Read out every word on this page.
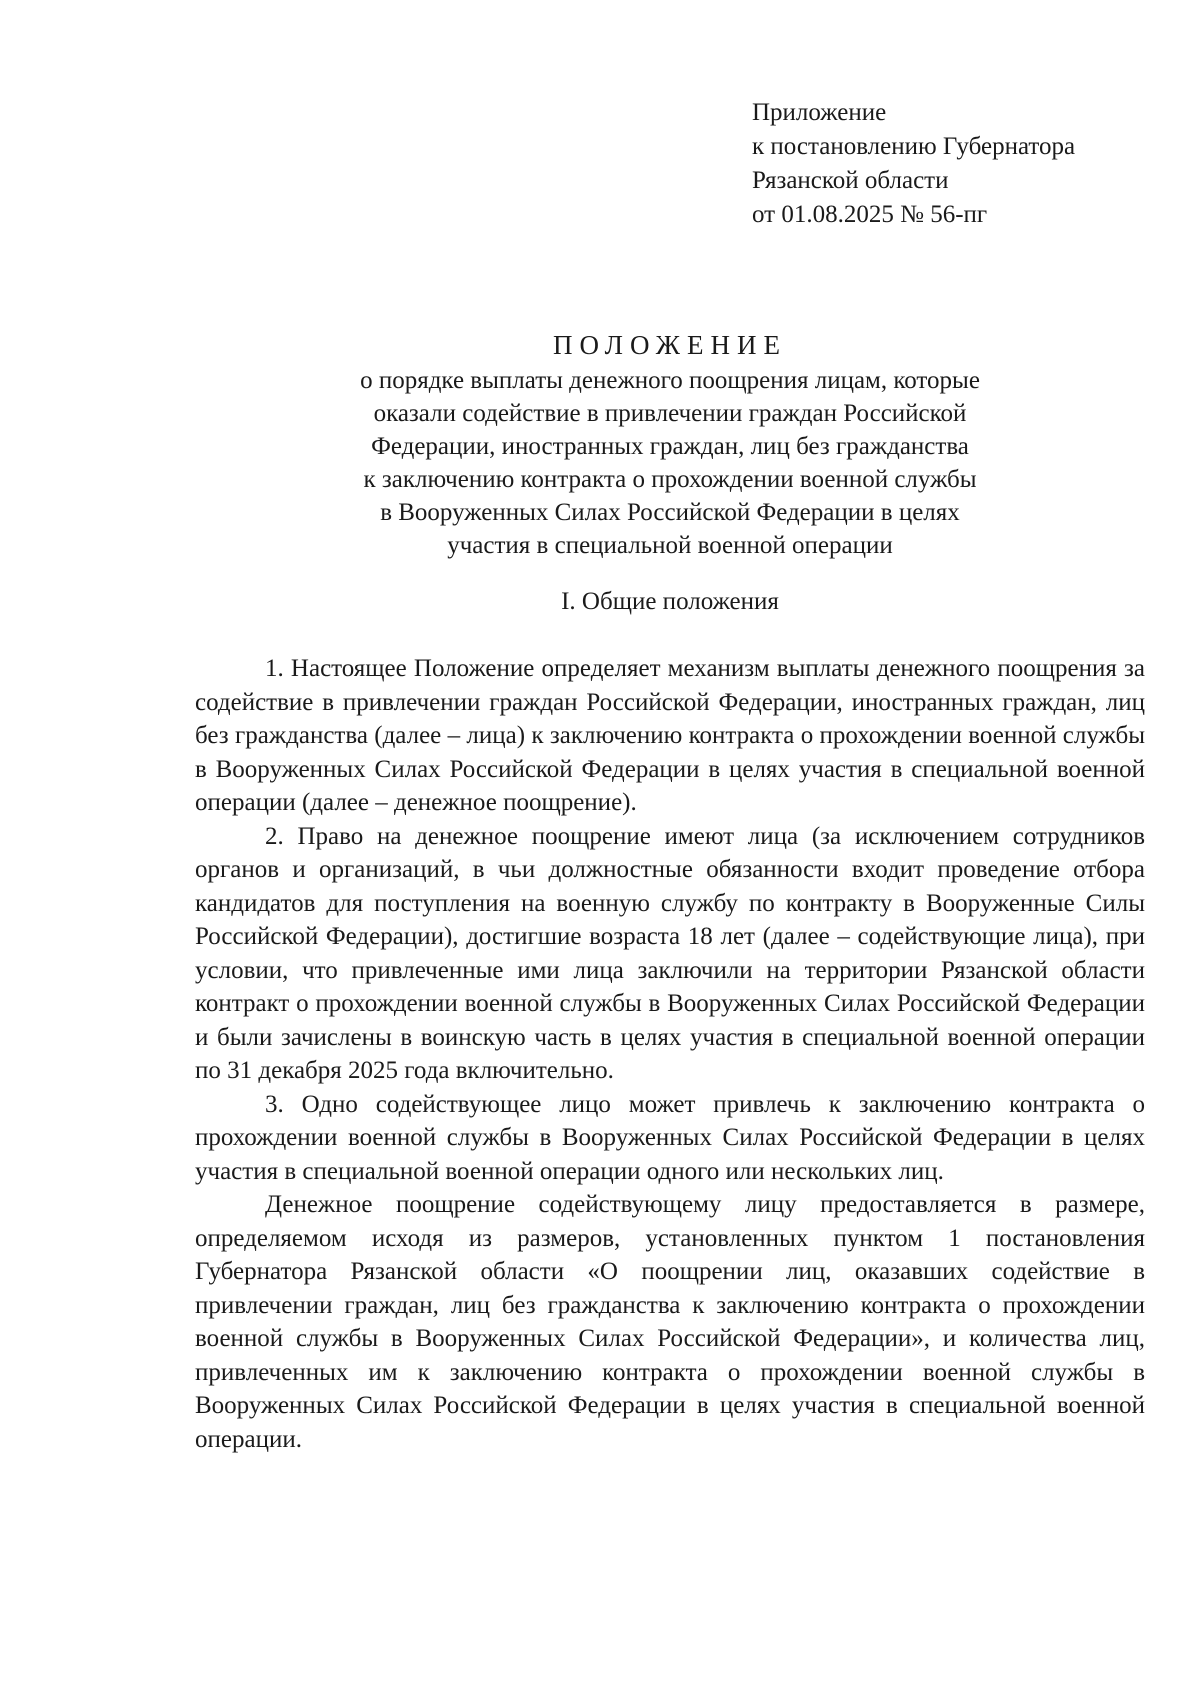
Приложение
к постановлению Губернатора
Рязанской области
от 01.08.2025 № 56-пг
ПОЛОЖЕНИЕ
о порядке выплаты денежного поощрения лицам, которые
оказали содействие в привлечении граждан Российской
Федерации, иностранных граждан, лиц без гражданства
к заключению контракта о прохождении военной службы
в Вооруженных Силах Российской Федерации в целях
участия в специальной военной операции
I. Общие положения

1. Настоящее Положение определяет механизм выплаты денежного поощрения за содействие в привлечении граждан Российской Федерации, иностранных граждан, лиц без гражданства (далее – лица) к заключению контракта о прохождении военной службы в Вооруженных Силах Российской Федерации в целях участия в специальной военной операции (далее – денежное поощрение).

2. Право на денежное поощрение имеют лица (за исключением сотрудников органов и организаций, в чьи должностные обязанности входит проведение отбора кандидатов для поступления на военную службу по контракту в Вооруженные Силы Российской Федерации), достигшие возраста 18 лет (далее – содействующие лица), при условии, что привлеченные ими лица заключили на территории Рязанской области контракт о прохождении военной службы в Вооруженных Силах Российской Федерации и были зачислены в воинскую часть в целях участия в специальной военной операции по 31 декабря 2025 года включительно.

3. Одно содействующее лицо может привлечь к заключению контракта о прохождении военной службы в Вооруженных Силах Российской Федерации в целях участия в специальной военной операции одного или нескольких лиц.

Денежное поощрение содействующему лицу предоставляется в размере, определяемом исходя из размеров, установленных пунктом 1 постановления Губернатора Рязанской области «О поощрении лиц, оказавших содействие в привлечении граждан, лиц без гражданства к заключению контракта о прохождении военной службы в Вооруженных Силах Российской Федерации», и количества лиц, привлеченных им к заключению контракта о прохождении военной службы в Вооруженных Силах Российской Федерации в целях участия в специальной военной операции.
